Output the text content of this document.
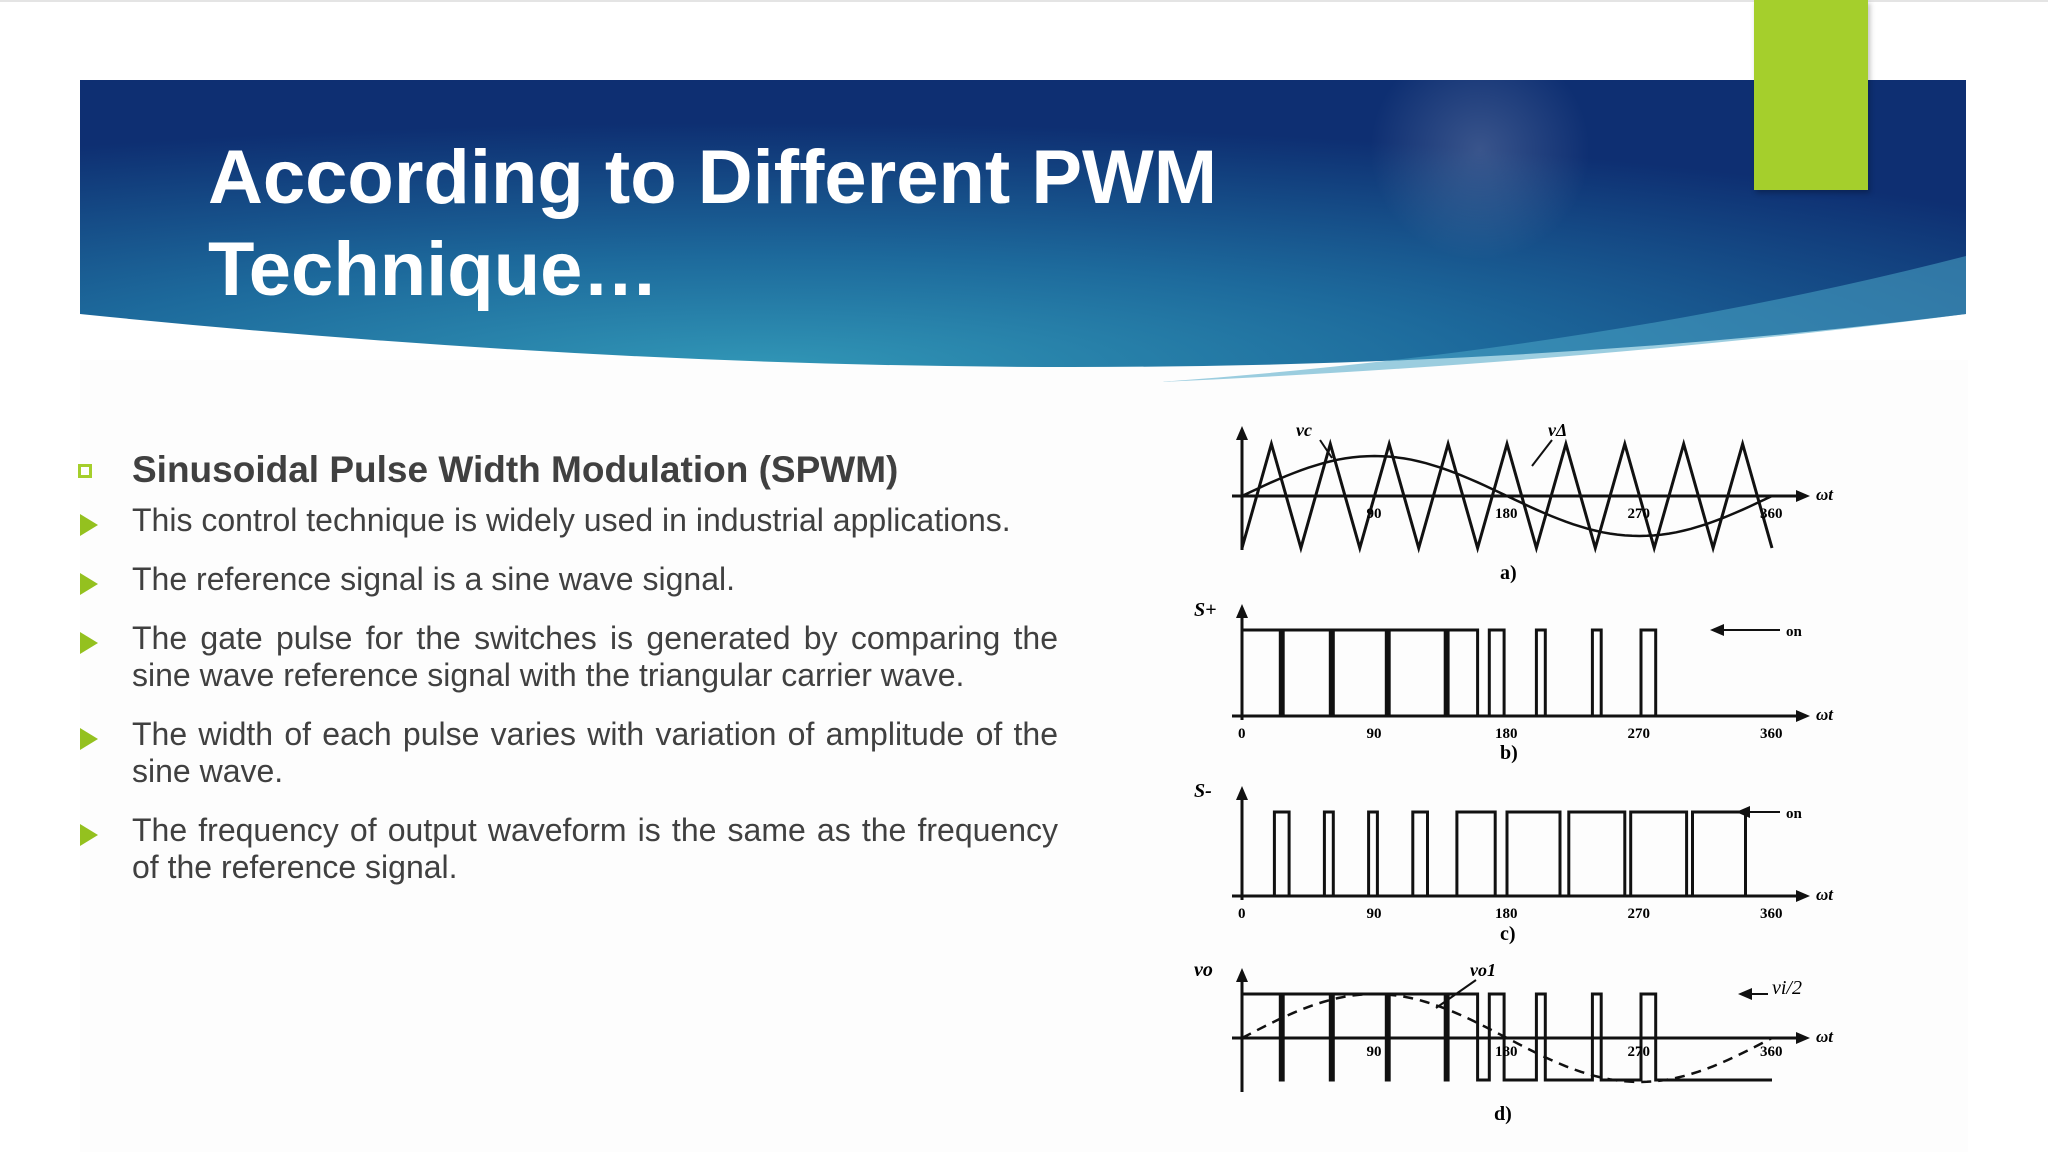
According to Different PWM Technique…
Sinusoidal Pulse Width Modulation (SPWM)

This control technique is widely used in industrial applications.

The reference signal is a sine wave signal.

The gate pulse for the switches is generated by comparing the sine wave reference signal with the triangular carrier wave.

The width of each pulse varies with variation of amplitude of the sine wave.

The frequency of output waveform is the same as the frequency of the reference signal.

vc	vΔ
a)
S+
b)
S-
c)
vo	vo1
vi/2
d)
ωt
90	180	270	360
ωt
on
0	90	180	270	360
ωt
on
0	90	180	270	360
ωt
90	180	270	360
